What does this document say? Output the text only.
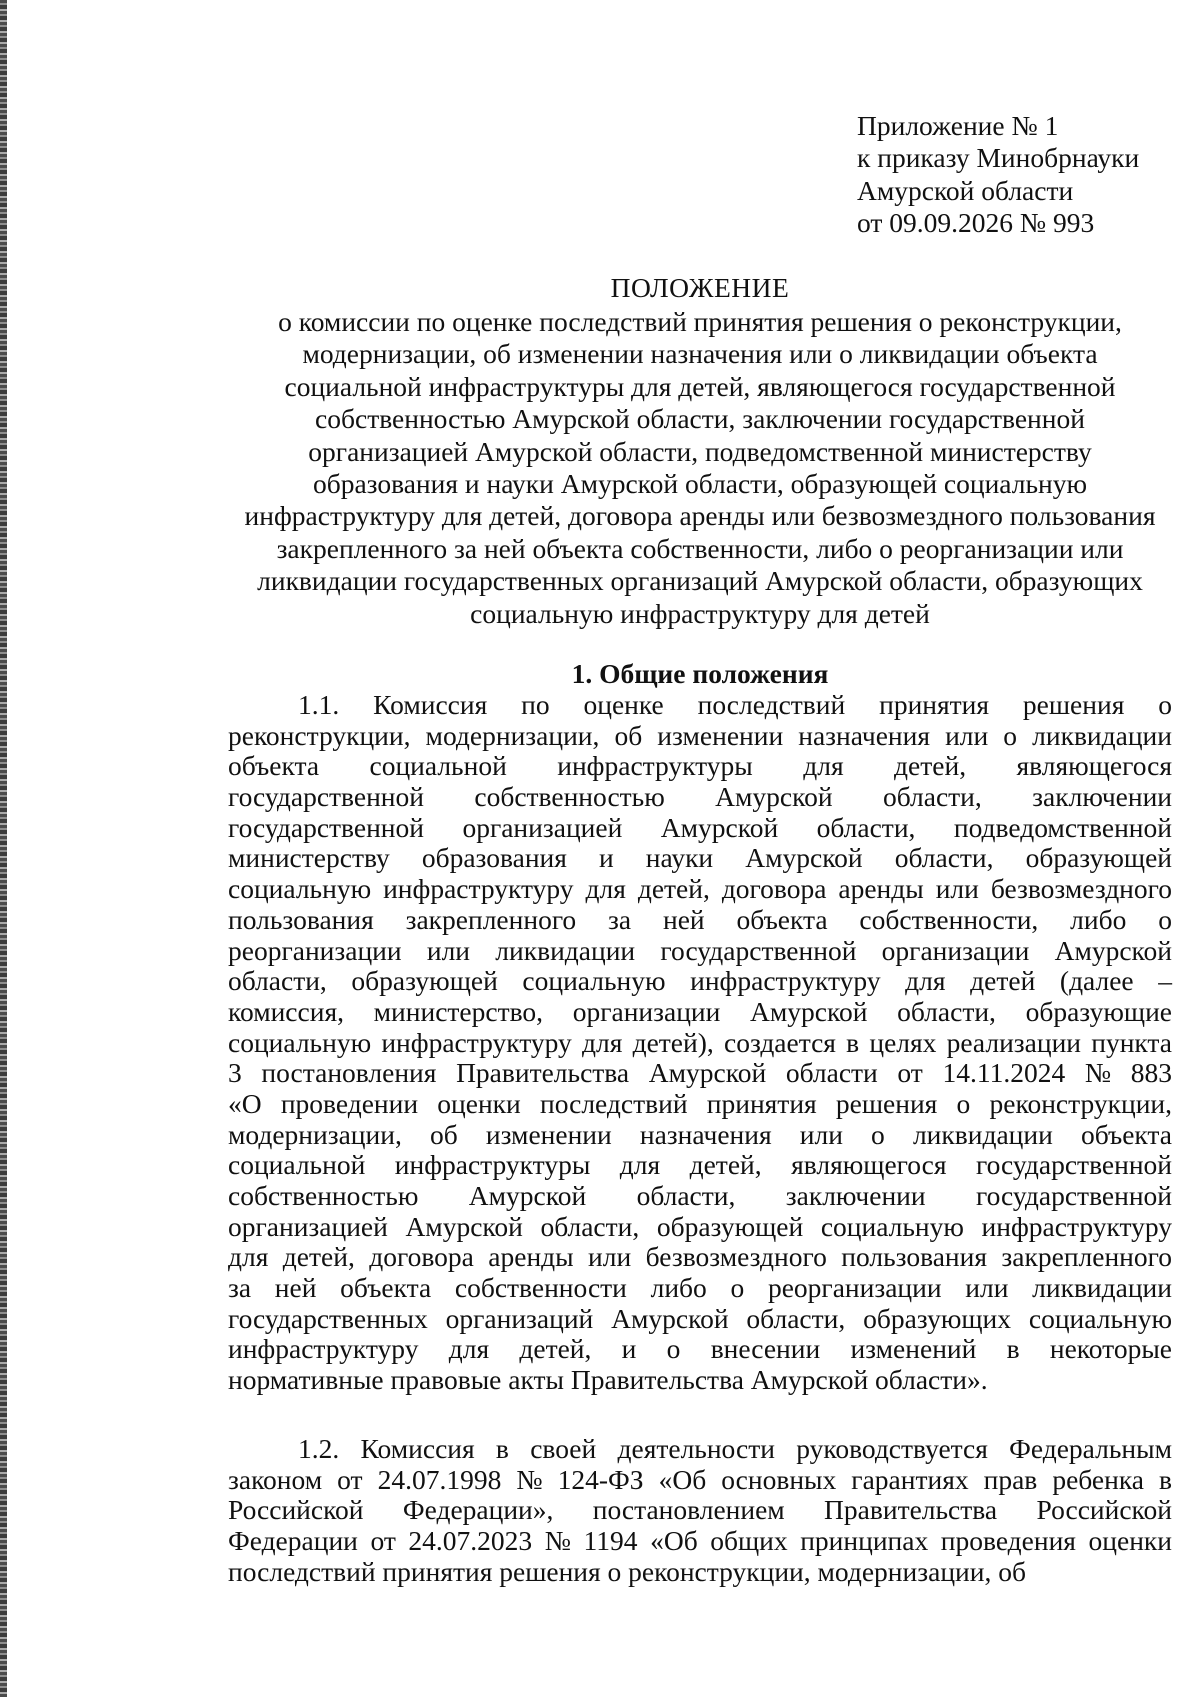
Приложение № 1
к приказу Минобрнауки
Амурской области
от 09.09.2026 № 993
ПОЛОЖЕНИЕ
о комиссии по оценке последствий принятия решения о реконструкции,
модернизации, об изменении назначения или о ликвидации объекта
социальной инфраструктуры для детей, являющегося государственной
собственностью Амурской области, заключении государственной
организацией Амурской области, подведомственной министерству
образования и науки Амурской области, образующей социальную
инфраструктуру для детей, договора аренды или безвозмездного пользования
закрепленного за ней объекта собственности, либо о реорганизации или
ликвидации государственных организаций Амурской области, образующих
социальную инфраструктуру для детей
1. Общие положения
1.1. Комиссия по оценке последствий принятия решения о
реконструкции, модернизации, об изменении назначения или о ликвидации
объекта социальной инфраструктуры для детей, являющегося
государственной собственностью Амурской области, заключении
государственной организацией Амурской области, подведомственной
министерству образования и науки Амурской области, образующей
социальную инфраструктуру для детей, договора аренды или безвозмездного
пользования закрепленного за ней объекта собственности, либо о
реорганизации или ликвидации государственной организации Амурской
области, образующей социальную инфраструктуру для детей (далее –
комиссия, министерство, организации Амурской области, образующие
социальную инфраструктуру для детей), создается в целях реализации пункта
3 постановления Правительства Амурской области от 14.11.2024 № 883
«О проведении оценки последствий принятия решения о реконструкции,
модернизации, об изменении назначения или о ликвидации объекта
социальной инфраструктуры для детей, являющегося государственной
собственностью Амурской области, заключении государственной
организацией Амурской области, образующей социальную инфраструктуру
для детей, договора аренды или безвозмездного пользования закрепленного
за ней объекта собственности либо о реорганизации или ликвидации
государственных организаций Амурской области, образующих социальную
инфраструктуру для детей, и о внесении изменений в некоторые
нормативные правовые акты Правительства Амурской области».
1.2. Комиссия в своей деятельности руководствуется Федеральным
законом от 24.07.1998 № 124-ФЗ «Об основных гарантиях прав ребенка в
Российской Федерации», постановлением Правительства Российской
Федерации от 24.07.2023 № 1194 «Об общих принципах проведения оценки
последствий принятия решения о реконструкции, модернизации, об
